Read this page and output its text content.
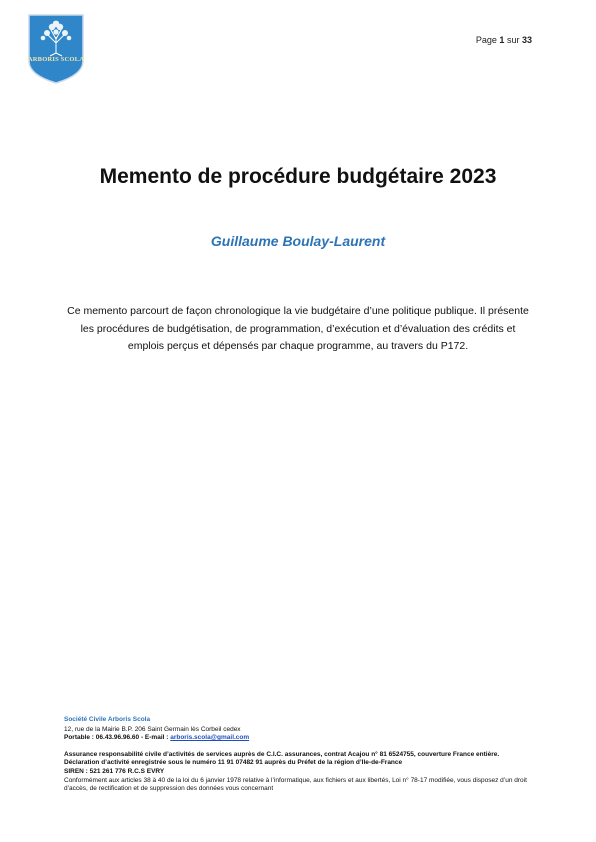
ARBORIS SCOLA
Page 1 sur 33
Memento de procédure budgétaire 2023
Guillaume Boulay-Laurent
Ce memento parcourt de façon chronologique la vie budgétaire d’une politique publique. Il présente
les procédures de budgétisation, de programmation, d’exécution et d’évaluation des crédits et
emplois perçus et dépensés par chaque programme, au travers du P172.
Société Civile Arboris Scola
12, rue de la Mairie B.P. 206 Saint Germain lès Corbeil cedex
Portable : 06.43.96.96.60 - E-mail : arboris.scola@gmail.com
Assurance responsabilité civile d’activités de services auprès de C.I.C. assurances, contrat Acajou n° 81 6524755, couverture France entière.
Déclaration d’activité enregistrée sous le numéro 11 91 07482 91 auprès du Préfet de la région d’Ile-de-France
SIREN : 521 261 776 R.C.S EVRY
Conformément aux articles 38 à 40 de la loi du 6 janvier 1978 relative à l’informatique, aux fichiers et aux libertés, Loi n° 78-17 modifiée, vous disposez d’un droit
d’accès, de rectification et de suppression des données vous concernant
